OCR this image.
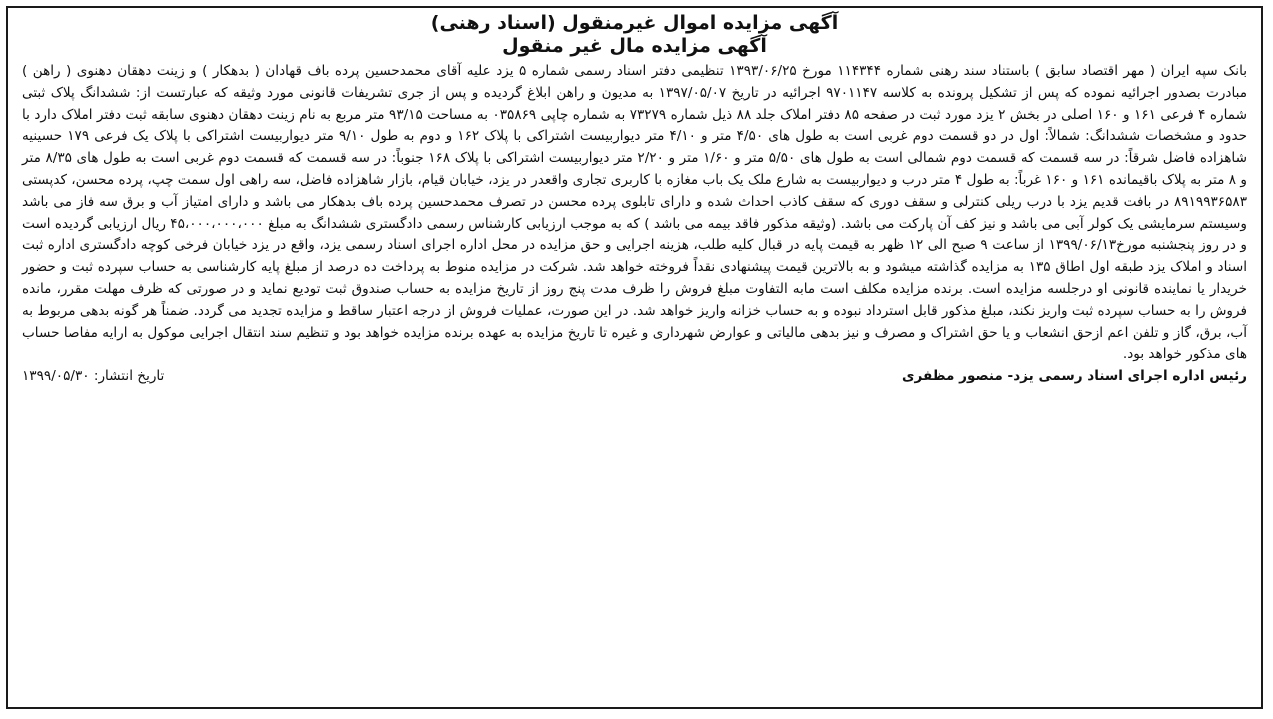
آگهی مزایده اموال غیرمنقول (اسناد رهنی)
آگهی مزایده مال غیر منقول

بانک سپه ایران ( مهر اقتصاد سابق ) باستناد سند رهنی شماره ۱۱۴۳۴۴ مورخ ۱۳۹۳/۰۶/۲۵ تنظیمی دفتر اسناد رسمی شماره ۵ یزد علیه آقای محمدحسین پرده باف قهادان ( بدهکار ) و زینت دهقان دهنوی ( راهن ) مبادرت بصدور اجرائیه نموده که پس از تشکیل پرونده به کلاسه ۹۷۰۱۱۴۷ اجرائیه در تاریخ ۱۳۹۷/۰۵/۰۷ به مدیون و راهن ابلاغ گردیده و پس از جری تشریفات قانونی مورد وثیقه که عبارتست از: ششدانگ پلاک ثبتی شماره ۴ فرعی ۱۶۱ و ۱۶۰ اصلی در بخش ۲ یزد مورد ثبت در صفحه ۸۵ دفتر املاک جلد ۸۸ ذیل شماره ۷۳۲۷۹ به شماره چاپی ۰۳۵۸۶۹ به مساحت ۹۳/۱۵ متر مربع به نام زینت دهقان دهنوی سابقه ثبت دفتر املاک دارد با حدود و مشخصات ششدانگ: شمالاً: اول در دو قسمت دوم غربی است به طول های ۴/۵۰ متر و ۴/۱۰ متر دیواربیست اشتراکی با پلاک ۱۶۲ و دوم به طول ۹/۱۰ متر دیواربیست اشتراکی با پلاک یک فرعی ۱۷۹ حسینیه شاهزاده فاضل شرقاً: در سه قسمت که قسمت دوم شمالی است به طول های ۵/۵۰ متر و ۱/۶۰ متر و ۲/۲۰ متر دیواربیست اشتراکی با پلاک ۱۶۸ جنوباً: در سه قسمت که قسمت دوم غربی است به طول های ۸/۳۵ متر و ۸ متر به پلاک باقیمانده ۱۶۱ و ۱۶۰ غرباً: به طول ۴ متر درب و دیواربیست به شارع ملک یک باب مغازه با کاربری تجاری واقعدر در یزد، خیابان قیام، بازار شاهزاده فاضل، سه راهی اول سمت چپ، پرده محسن، کدپستی ۸۹۱۹۹۳۶۵۸۳ در بافت قدیم یزد با درب ریلی کنترلی و سقف دوری که سقف کاذب احداث شده و دارای تابلوی پرده محسن در تصرف محمدحسین پرده باف بدهکار می باشد و دارای امتیاز آب و برق سه فاز می باشد وسیستم سرمایشی یک کولر آبی می باشد و نیز کف آن پارکت می باشد. (وثیقه مذکور فاقد بیمه می باشد ) که به موجب ارزیابی کارشناس رسمی دادگستری ششدانگ به مبلغ ۴۵،۰۰۰،۰۰۰،۰۰۰ ریال ارزیابی گردیده است و در روز پنجشنبه مورخ۱۳۹۹/۰۶/۱۳ از ساعت ۹ صبح الی ۱۲ ظهر به قیمت پایه در قبال کلیه طلب، هزینه اجرایی و حق مزایده در محل اداره اجرای اسناد رسمی یزد، واقع در یزد خیابان فرخی کوچه دادگستری اداره ثبت اسناد و املاک یزد طبقه اول اطاق ۱۳۵ به مزایده گذاشته میشود و به بالاترین قیمت پیشنهادی نقداً فروخته خواهد شد. شرکت در مزایده منوط به پرداخت ده درصد از مبلغ پایه کارشناسی به حساب سپرده ثبت و حضور خریدار یا نماینده قانونی او درجلسه مزایده است. برنده مزایده مکلف است مابه التفاوت مبلغ فروش را ظرف مدت پنج روز از تاریخ مزایده به حساب صندوق ثبت تودیع نماید و در صورتی که ظرف مهلت مقرر، مانده فروش را به حساب سپرده ثبت واریز نکند، مبلغ مذکور قابل استرداد نبوده و به حساب خزانه واریز خواهد شد. در این صورت، عملیات فروش از درجه اعتبار ساقط و مزایده تجدید می گردد. ضمناً هر گونه بدهی مربوط به آب، برق، گاز و تلفن اعم ازحق انشعاب و یا حق اشتراک و مصرف و نیز بدهی مالیاتی و عوارض شهرداری و غیره تا تاریخ مزایده به عهده برنده مزایده خواهد بود و تنظیم سند انتقال اجرایی موکول به ارایه مفاصا حساب های مذکور خواهد بود.

رئیس اداره اجرای اسناد رسمی یزد- منصور مظفری
تاریخ انتشار: ۱۳۹۹/۰۵/۳۰
